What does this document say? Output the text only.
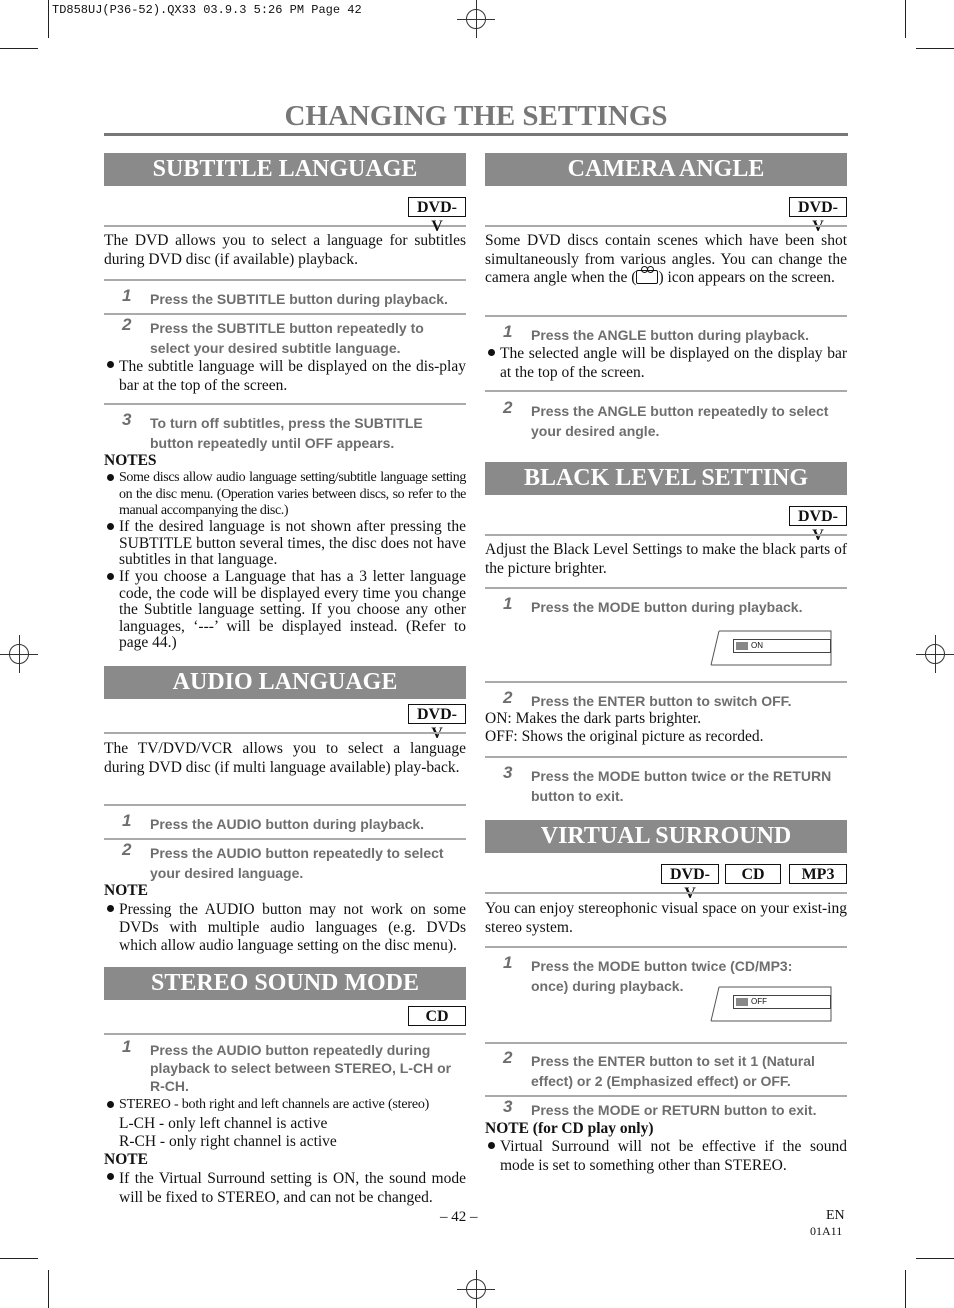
TD858UJ(P36-52).QX33 03.9.3 5:26 PM Page 42
CHANGING THE SETTINGS
SUBTITLE LANGUAGE
DVD-V
The DVD allows you to select a language for subtitles during DVD disc (if available) playback.
1 Press the SUBTITLE button during playback.
2 Press the SUBTITLE button repeatedly to select your desired subtitle language.
The subtitle language will be displayed on the dis-play bar at the top of the screen.
3 To turn off subtitles, press the SUBTITLE button repeatedly until OFF appears.
NOTES
Some discs allow audio language setting/subtitle language setting on the disc menu. (Operation varies between discs, so refer to the manual accompanying the disc.)
If the desired language is not shown after pressing the SUBTITLE button several times, the disc does not have subtitles in that language.
If you choose a Language that has a 3 letter language code, the code will be displayed every time you change the Subtitle language setting. If you choose any other languages, ‘---’ will be displayed instead. (Refer to page 44.)
AUDIO LANGUAGE
DVD-
The TV/DVD/VCR allows you to select a language during DVD disc (if multi language available) play-back.
1 Press the AUDIO button during playback.
2 Press the AUDIO button repeatedly to select your desired language.
NOTE
Pressing the AUDIO button may not work on some DVDs with multiple audio languages (e.g. DVDs which allow audio language setting on the disc menu).
STEREO SOUND MODE
CD
1 Press the AUDIO button repeatedly during playback to select between STEREO, L-CH or R-CH.
STEREO - both right and left channels are active (stereo)
L-CH - only left channel is active
R-CH - only right channel is active
NOTE
If the Virtual Surround setting is ON, the sound mode will be fixed to STEREO, and can not be changed.
CAMERA ANGLE
DVD-
Some DVD discs contain scenes which have been shot simultaneously from various angles. You can change the camera angle when the ( ) icon appears on the screen.
1 Press the ANGLE button during playback.
The selected angle will be displayed on the display bar at the top of the screen.
2 Press the ANGLE button repeatedly to select your desired angle.
BLACK LEVEL SETTING
DVD-
Adjust the Black Level Settings to make the black parts of the picture brighter.
1 Press the MODE button during playback.
ON
2 Press the ENTER button to switch OFF.
ON: Makes the dark parts brighter.
OFF: Shows the original picture as recorded.
3 Press the MODE button twice or the RETURN button to exit.
VIRTUAL SURROUND
DVD-	CD	MP3
You can enjoy stereophonic visual space on your exist-ing stereo system.
1 Press the MODE button twice (CD/MP3: once) during playback.
OFF
2 Press the ENTER button to set it 1 (Natural effect) or 2 (Emphasized effect) or OFF.
3 Press the MODE or RETURN button to exit.
NOTE (for CD play only)
Virtual Surround will not be effective if the sound mode is set to something other than STEREO.
– 42 –	EN
01A11
